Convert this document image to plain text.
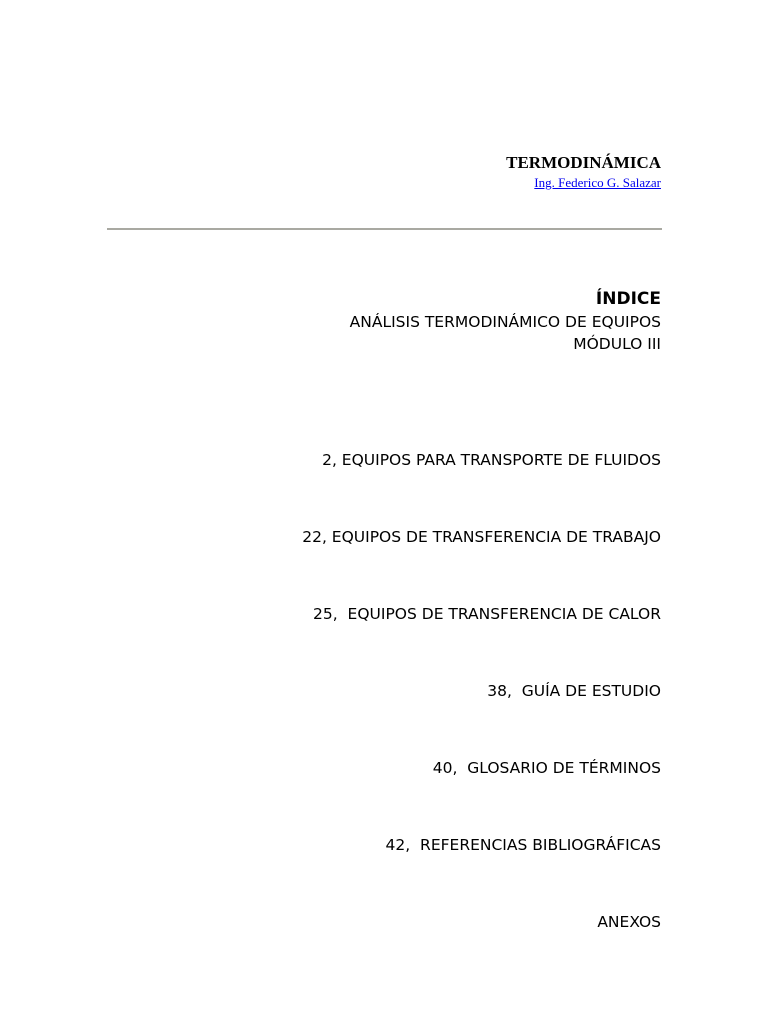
TERMODINÁMICA
Ing. Federico G. Salazar
ÍNDICE
ANÁLISIS TERMODINÁMICO DE EQUIPOS
MÓDULO III

2, EQUIPOS PARA TRANSPORTE DE FLUIDOS

22, EQUIPOS DE TRANSFERENCIA DE TRABAJO

25,  EQUIPOS DE TRANSFERENCIA DE CALOR

38,  GUÍA DE ESTUDIO

40,  GLOSARIO DE TÉRMINOS

42,  REFERENCIAS BIBLIOGRÁFICAS

ANEXOS
